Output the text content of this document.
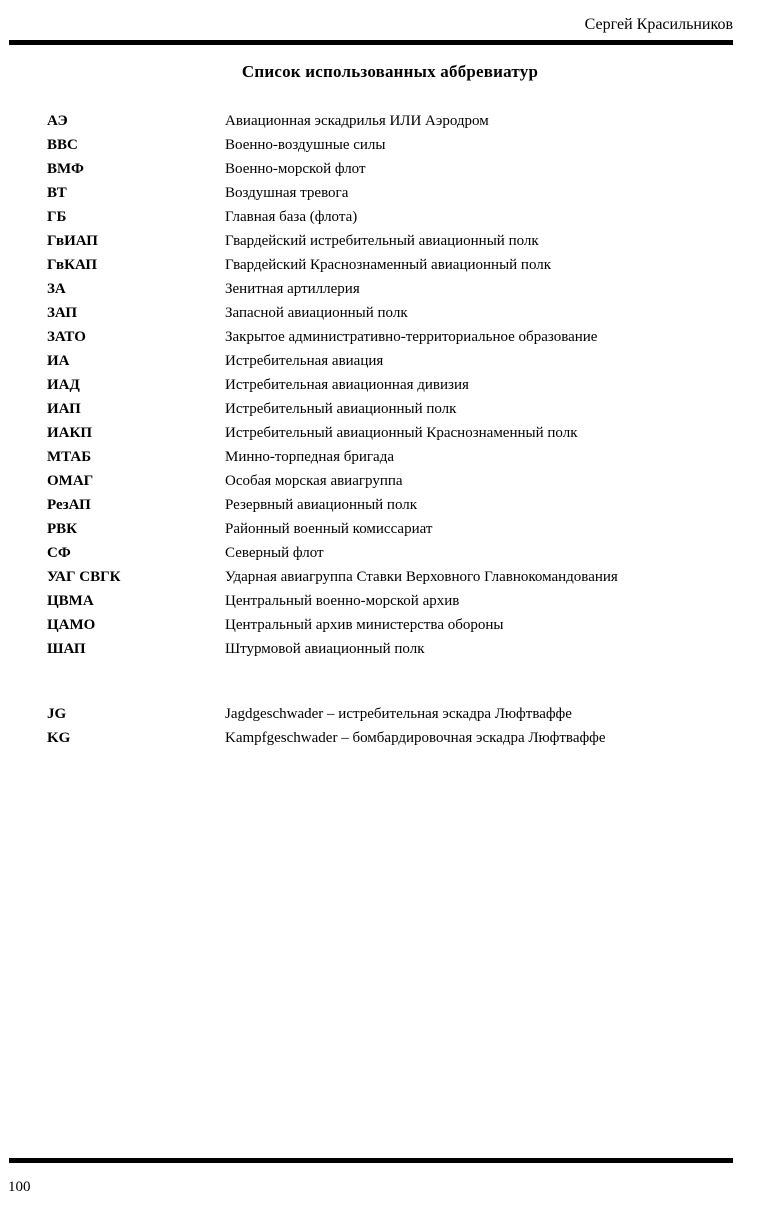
Сергей Красильников
Список использованных аббревиатур
АЭ	Авиационная эскадрилья ИЛИ Аэродром
ВВС	Военно-воздушные силы
ВМФ	Военно-морской флот
ВТ	Воздушная тревога
ГБ	Главная база (флота)
ГвИАП	Гвардейский истребительный авиационный полк
ГвКАП	Гвардейский Краснознаменный авиационный полк
ЗА	Зенитная артиллерия
ЗАП	Запасной авиационный полк
ЗАТО	Закрытое административно-территориальное образование
ИА	Истребительная авиация
ИАД	Истребительная авиационная дивизия
ИАП	Истребительный авиационный полк
ИАКП	Истребительный авиационный Краснознаменный полк
МТАБ	Минно-торпедная бригада
ОМАГ	Особая морская авиагруппа
РезАП	Резервный авиационный полк
РВК	Районный военный комиссариат
СФ	Северный флот
УАГ СВГК	Ударная авиагруппа Ставки Верховного Главнокомандования
ЦВМА	Центральный военно-морской архив
ЦАМО	Центральный архив министерства обороны
ШАП	Штурмовой авиационный полк
JG	Jagdgeschwader – истребительная эскадра Люфтваффе
KG	Kampfgeschwader – бомбардировочная эскадра Люфтваффе
100
